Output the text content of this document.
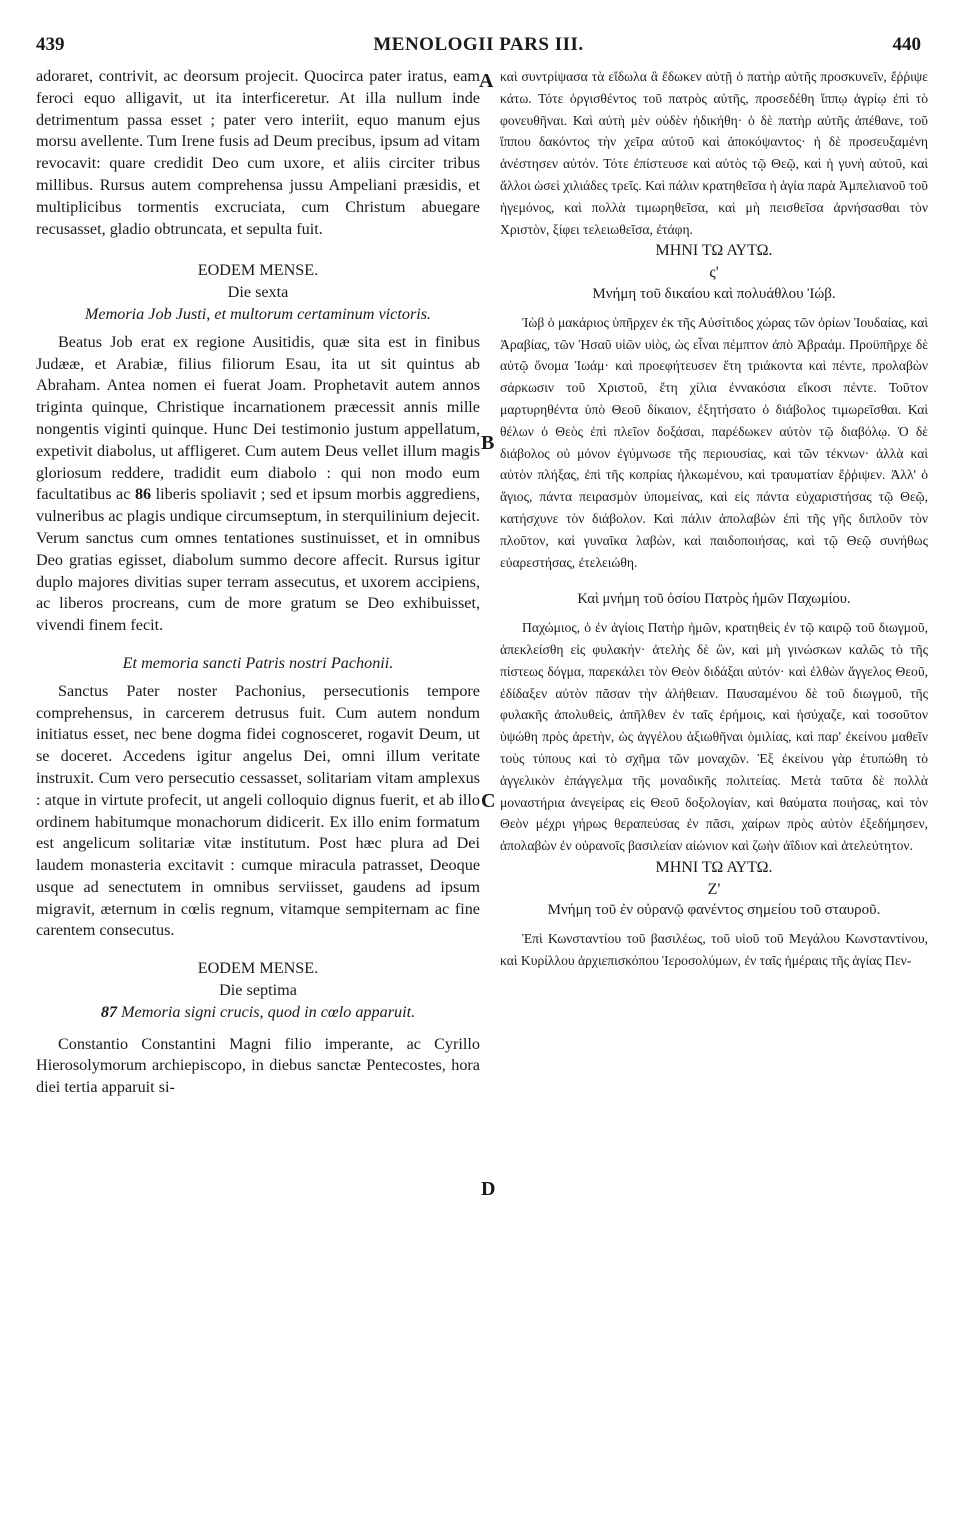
439	MENOLOGII PARS III.	440
A
B
C
D

adoraret, contrivit, ac deorsum projecit. Quocirca pater iratus, eam feroci equo alligavit, ut ita interficeretur. At illa nullum inde detrimentum passa esset ; pater vero interiit, equo manum ejus morsu avellente. Tum Irene fusis ad Deum precibus, ipsum ad vitam revocavit: quare credidit Deo cum uxore, et aliis circiter tribus millibus. Rursus autem comprehensa jussu Ampeliani præsidis, et multiplicibus tormentis excruciata, cum Christum abuegare recusasset, gladio obtruncata, et sepulta fuit.

EODEM MENSE.

Die sexta

Memoria Job Justi, et multorum certaminum victoris.

Beatus Job erat ex regione Ausitidis, quæ sita est in finibus Judææ, et Arabiæ, filius filiorum Esau, ita ut sit quintus ab Abraham. Antea nomen ei fuerat Joam. Prophetavit autem annos triginta quinque, Christique incarnationem præcessit annis mille nongentis viginti quinque. Hunc Dei testimonio justum appellatum, expetivit diabolus, ut affligeret. Cum autem Deus vellet illum magis gloriosum reddere, tradidit eum diabolo : qui non modo eum facultatibus ac 86 liberis spoliavit ; sed et ipsum morbis aggrediens, vulneribus ac plagis undique circumseptum, in sterquilinium dejecit. Verum sanctus cum omnes tentationes sustinuisset, et in omnibus Deo gratias egisset, diabolum summo decore affecit. Rursus igitur duplo majores divitias super terram assecutus, et uxorem accipiens, ac liberos procreans, cum de more gratum se Deo exhibuisset, vivendi finem fecit.

Et memoria sancti Patris nostri Pachonii.

Sanctus Pater noster Pachonius, persecutionis tempore comprehensus, in carcerem detrusus fuit. Cum autem nondum initiatus esset, nec bene dogma fidei cognosceret, rogavit Deum, ut se doceret. Accedens igitur angelus Dei, omni illum veritate instruxit. Cum vero persecutio cessasset, solitariam vitam amplexus : atque in virtute profecit, ut angeli colloquio dignus fuerit, et ab illo ordinem habitumque monachorum didicerit. Ex illo enim formatum est angelicum solitariæ vitæ institutum. Post hæc plura ad Dei laudem monasteria excitavit : cumque miracula patrasset, Deoque usque ad senectutem in omnibus serviisset, gaudens ad ipsum migravit, æternum in cœlis regnum, vitamque sempiternam ac fine carentem consecutus.

EODEM MENSE.

Die septima

87 Memoria signi crucis, quod in cœlo apparuit.

Constantio Constantini Magni filio imperante, ac Cyrillo Hierosolymorum archiepiscopo, in diebus sanctæ Pentecostes, hora diei tertia apparuit si-

καὶ συντρίψασα τὰ εἴδωλα ἃ ἔδωκεν αὐτῇ ὁ πατὴρ αὐτῆς προσκυνεῖν, ἔῤῥιψε κάτω. Τότε ὀργισθέντος τοῦ πατρὸς αὐτῆς, προσεδέθη ἵππῳ ἀγρίῳ ἐπὶ τὸ φονευθῆναι. Καὶ αὐτὴ μὲν οὐδὲν ἠδικήθη· ὁ δὲ πατὴρ αὐτῆς ἀπέθανε, τοῦ ἵππου δακόντος τὴν χεῖρα αὐτοῦ καὶ ἀποκόψαντος· ἡ δὲ προσευξαμένη ἀνέστησεν αὐτόν. Τότε ἐπίστευσε καὶ αὐτὸς τῷ Θεῷ, καὶ ἡ γυνὴ αὐτοῦ, καὶ ἄλλοι ὡσεὶ χιλιάδες τρεῖς. Καὶ πάλιν κρατηθεῖσα ἡ ἁγία παρὰ Ἀμπελιανοῦ τοῦ ἡγεμόνος, καὶ πολλὰ τιμωρηθεῖσα, καὶ μὴ πεισθεῖσα ἀρνήσασθαι τὸν Χριστὸν, ξίφει τελειωθεῖσα, ἐτάφη.

ΜΗΝΙ ΤΩ ΑΥΤΩ.

ς'

Μνήμη τοῦ δικαίου καὶ πολυάθλου Ἰώβ.

Ἰὼβ ὁ μακάριος ὑπῆρχεν ἐκ τῆς Αὐσίτιδος χώρας τῶν ὁρίων Ἰουδαίας, καὶ Ἀραβίας, τῶν Ἡσαῦ υἱῶν υἱὸς, ὡς εἶναι πέμπτον ἀπὸ Ἀβραάμ. Προϋπῆρχε δὲ αὐτῷ ὄνομα Ἰωάμ· καὶ προεφήτευσεν ἔτη τριάκοντα καὶ πέντε, προλαβὼν σάρκωσιν τοῦ Χριστοῦ, ἔτη χίλια ἐννακόσια εἴκοσι πέντε. Τοῦτον μαρτυρηθέντα ὑπὸ Θεοῦ δίκαιον, ἐξητήσατο ὁ διάβολος τιμωρεῖσθαι. Καὶ θέλων ὁ Θεὸς ἐπὶ πλεῖον δοξάσαι, παρέδωκεν αὐτὸν τῷ διαβόλῳ. Ὁ δὲ διάβολος οὐ μόνον ἐγύμνωσε τῆς περιουσίας, καὶ τῶν τέκνων· ἀλλὰ καὶ αὐτὸν πλήξας, ἐπὶ τῆς κοπρίας ἡλκωμένου, καὶ τραυματίαν ἔῤῥιψεν. Ἀλλ' ὁ ἅγιος, πάντα πειρασμὸν ὑπομείνας, καὶ εἰς πάντα εὐχαριστήσας τῷ Θεῷ, κατήσχυνε τὸν διάβολον. Καὶ πάλιν ἀπολαβὼν ἐπὶ τῆς γῆς διπλοῦν τὸν πλοῦτον, καὶ γυναῖκα λαβὼν, καὶ παιδοποιήσας, καὶ τῷ Θεῷ συνήθως εὐαρεστήσας, ἐτελειώθη.

Καὶ μνήμη τοῦ ὁσίου Πατρὸς ἡμῶν Παχωμίου.

Παχώμιος, ὁ ἐν ἁγίοις Πατὴρ ἡμῶν, κρατηθεὶς ἐν τῷ καιρῷ τοῦ διωγμοῦ, ἀπεκλείσθη εἰς φυλακήν· ἀτελὴς δὲ ὢν, καὶ μὴ γινώσκων καλῶς τὸ τῆς πίστεως δόγμα, παρεκάλει τὸν Θεὸν διδάξαι αὐτόν· καὶ ἐλθὼν ἄγγελος Θεοῦ, ἐδίδαξεν αὐτὸν πᾶσαν τὴν ἀλήθειαν. Παυσαμένου δὲ τοῦ διωγμοῦ, τῆς φυλακῆς ἀπολυθεὶς, ἀπῆλθεν ἐν ταῖς ἐρήμοις, καὶ ἡσύχαζε, καὶ τοσοῦτον ὑψώθη πρὸς ἀρετὴν, ὡς ἀγγέλου ἀξιωθῆναι ὁμιλίας, καὶ παρ' ἐκείνου μαθεῖν τοὺς τύπους καὶ τὸ σχῆμα τῶν μοναχῶν. Ἐξ ἐκείνου γὰρ ἐτυπώθη τὸ ἀγγελικὸν ἐπάγγελμα τῆς μοναδικῆς πολιτείας. Μετὰ ταῦτα δὲ πολλὰ μοναστήρια ἀνεγείρας εἰς Θεοῦ δοξολογίαν, καὶ θαύματα ποιήσας, καὶ τὸν Θεὸν μέχρι γήρως θεραπεύσας ἐν πᾶσι, χαίρων πρὸς αὐτὸν ἐξεδήμησεν, ἀπολαβὼν ἐν οὐρανοῖς βασιλείαν αἰώνιον καὶ ζωὴν ἀΐδιον καὶ ἀτελεύτητον.

ΜΗΝΙ ΤΩ ΑΥΤΩ.

Ζ'

Μνήμη τοῦ ἐν οὐρανῷ φανέντος σημείου τοῦ σταυροῦ.

Ἐπὶ Κωνσταντίου τοῦ βασιλέως, τοῦ υἱοῦ τοῦ Μεγάλου Κωνσταντίνου, καὶ Κυρίλλου ἀρχιεπισκόπου Ἱεροσολύμων, ἐν ταῖς ἡμέραις τῆς ἁγίας Πεν-
